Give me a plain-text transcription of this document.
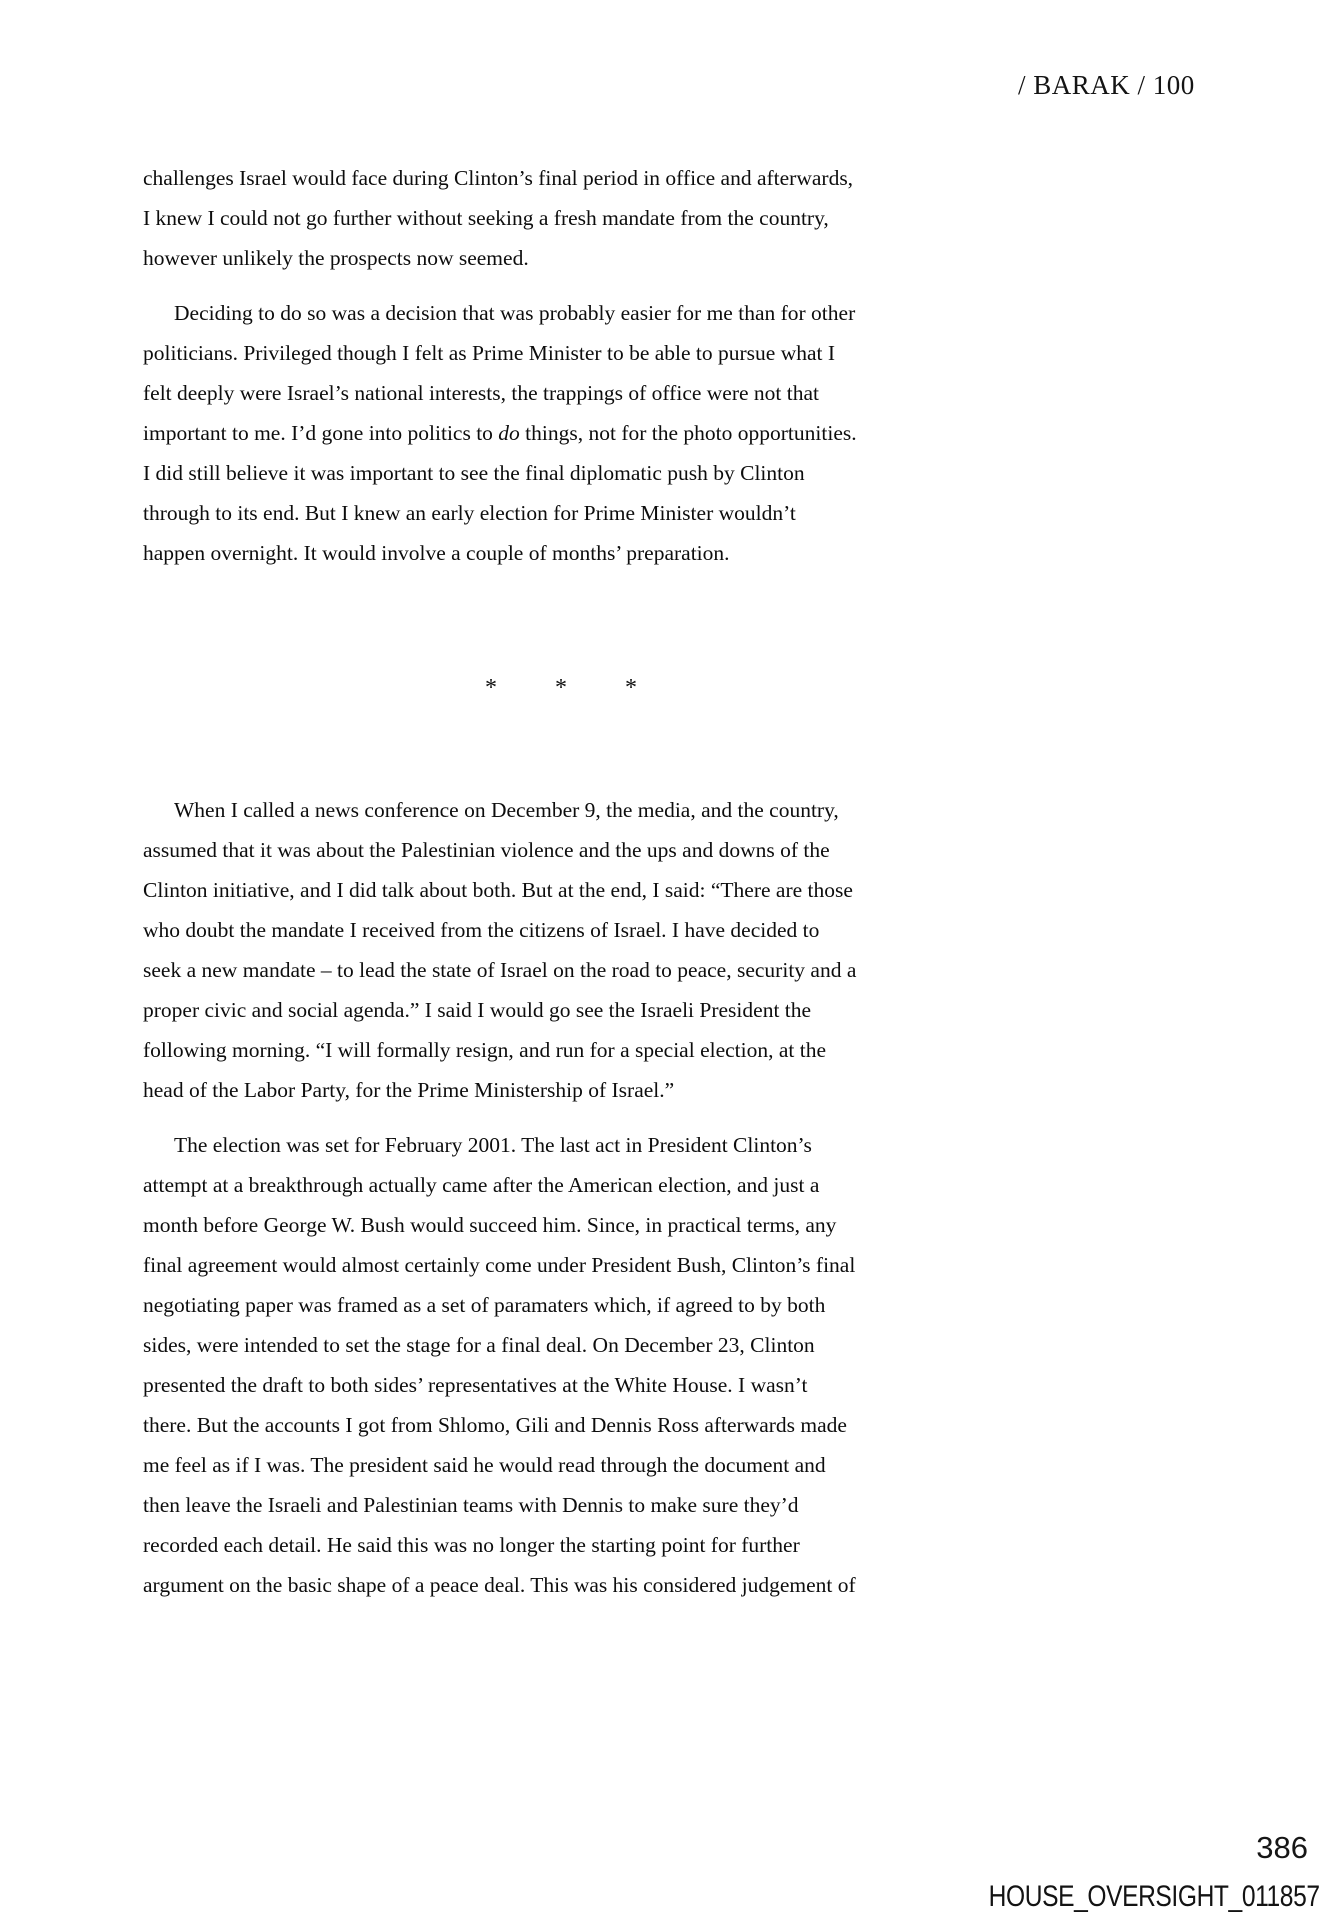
/ BARAK / 100
challenges Israel would face during Clinton’s final period in office and afterwards,
I knew I could not go further without seeking a fresh mandate from the country,
however unlikely the prospects now seemed.
Deciding to do so was a decision that was probably easier for me than for other
politicians. Privileged though I felt as Prime Minister to be able to pursue what I
felt deeply were Israel’s national interests, the trappings of office were not that
important to me. I’d gone into politics to do things, not for the photo opportunities.
I did still believe it was important to see the final diplomatic push by Clinton
through to its end. But I knew an early election for Prime Minister wouldn’t
happen overnight. It would involve a couple of months’ preparation.
* * *
When I called a news conference on December 9, the media, and the country,
assumed that it was about the Palestinian violence and the ups and downs of the
Clinton initiative, and I did talk about both. But at the end, I said: “There are those
who doubt the mandate I received from the citizens of Israel. I have decided to
seek a new mandate – to lead the state of Israel on the road to peace, security and a
proper civic and social agenda.” I said I would go see the Israeli President the
following morning. “I will formally resign, and run for a special election, at the
head of the Labor Party, for the Prime Ministership of Israel.”
The election was set for February 2001. The last act in President Clinton’s
attempt at a breakthrough actually came after the American election, and just a
month before George W. Bush would succeed him. Since, in practical terms, any
final agreement would almost certainly come under President Bush, Clinton’s final
negotiating paper was framed as a set of paramaters which, if agreed to by both
sides, were intended to set the stage for a final deal. On December 23, Clinton
presented the draft to both sides’ representatives at the White House. I wasn’t
there. But the accounts I got from Shlomo, Gili and Dennis Ross afterwards made
me feel as if I was. The president said he would read through the document and
then leave the Israeli and Palestinian teams with Dennis to make sure they’d
recorded each detail. He said this was no longer the starting point for further
argument on the basic shape of a peace deal. This was his considered judgement of
386
HOUSE_OVERSIGHT_011857
